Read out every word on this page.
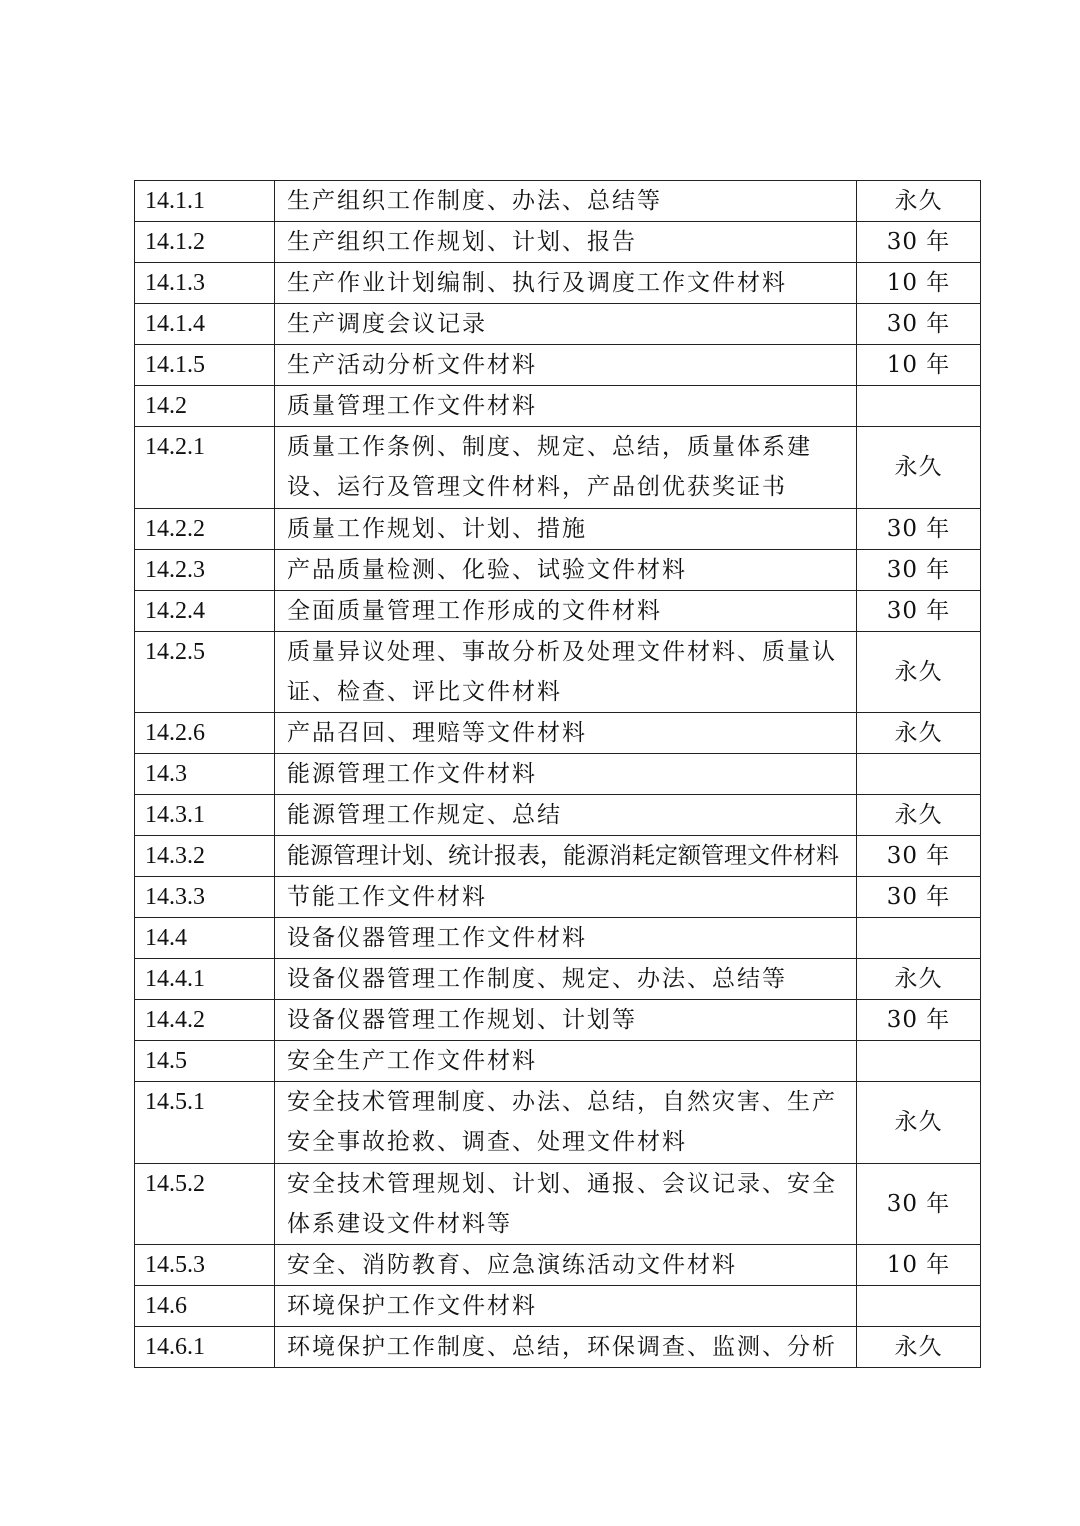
14.1.1	生产组织工作制度、办法、总结等	永久
14.1.2	生产组织工作规划、计划、报告	30 年
14.1.3	生产作业计划编制、执行及调度工作文件材料	10 年
14.1.4	生产调度会议记录	30 年
14.1.5	生产活动分析文件材料	10 年
14.2	质量管理工作文件材料	
14.2.1	质量工作条例、制度、规定、总结，质量体系建设、运行及管理文件材料，产品创优获奖证书	永久
14.2.2	质量工作规划、计划、措施	30 年
14.2.3	产品质量检测、化验、试验文件材料	30 年
14.2.4	全面质量管理工作形成的文件材料	30 年
14.2.5	质量异议处理、事故分析及处理文件材料、质量认证、检查、评比文件材料	永久
14.2.6	产品召回、理赔等文件材料	永久
14.3	能源管理工作文件材料	
14.3.1	能源管理工作规定、总结	永久
14.3.2	能源管理计划、统计报表，能源消耗定额管理文件材料	30 年
14.3.3	节能工作文件材料	30 年
14.4	设备仪器管理工作文件材料	
14.4.1	设备仪器管理工作制度、规定、办法、总结等	永久
14.4.2	设备仪器管理工作规划、计划等	30 年
14.5	安全生产工作文件材料	
14.5.1	安全技术管理制度、办法、总结，自然灾害、生产安全事故抢救、调查、处理文件材料	永久
14.5.2	安全技术管理规划、计划、通报、会议记录、安全体系建设文件材料等	30 年
14.5.3	安全、消防教育、应急演练活动文件材料	10 年
14.6	环境保护工作文件材料	
14.6.1	环境保护工作制度、总结，环保调查、监测、分析	永久
